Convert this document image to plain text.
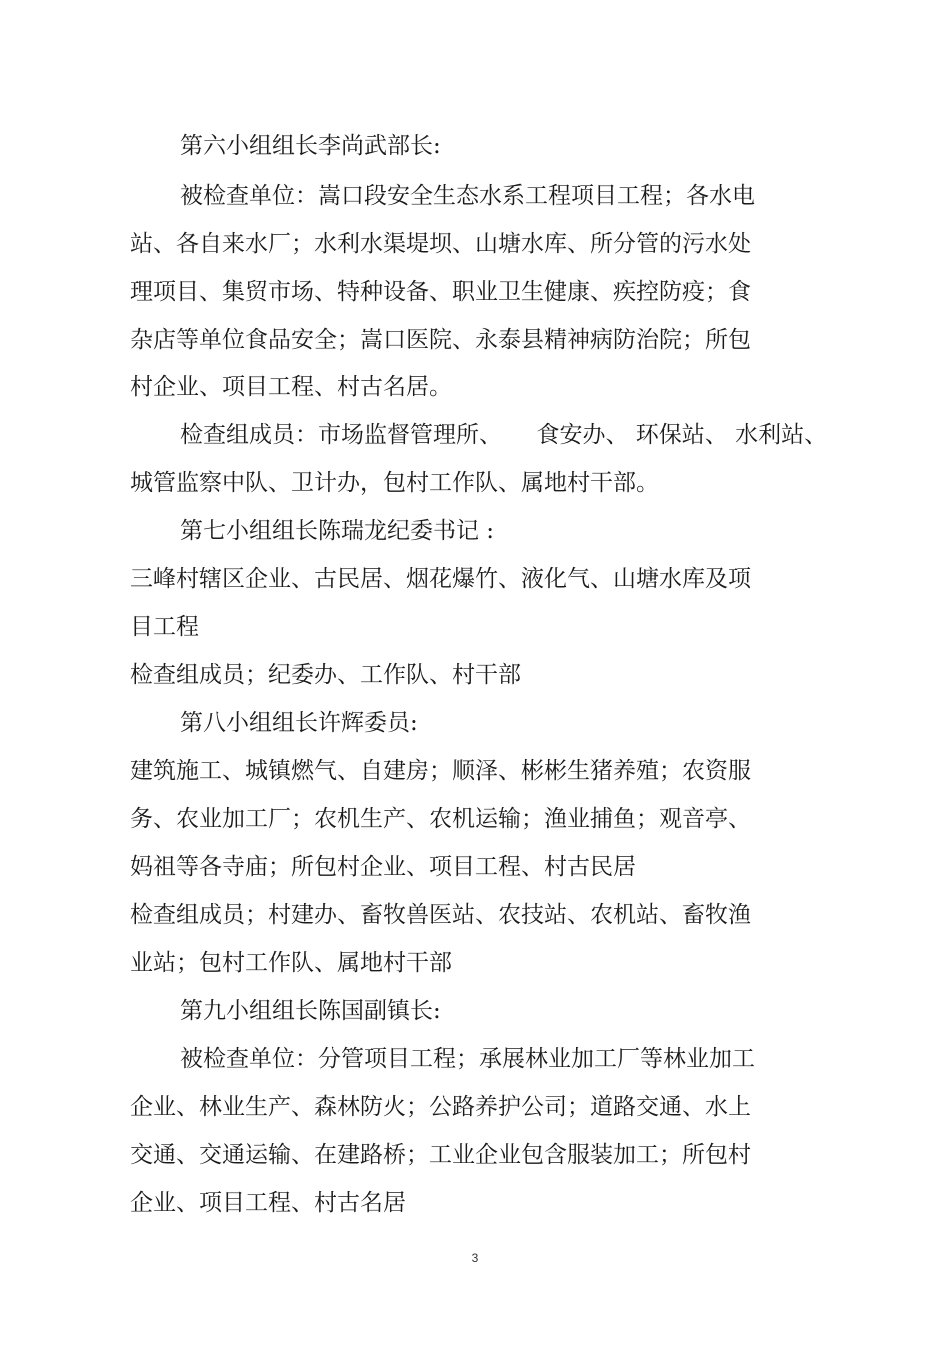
第六小组组长李尚武部长:
被检查单位：嵩口段安全生态水系工程项目工程；各水电
站、各自来水厂；水利水渠堤坝、山塘水库、所分管的污水处
理项目、集贸市场、特种设备、职业卫生健康、疾控防疫；食
杂店等单位食品安全；嵩口医院、永泰县精神病防治院；所包
村企业、项目工程、村古名居。
检查组成员：市场监督管理所、　　食安办、 环保站、 水利站、
城管监察中队、卫计办，包村工作队、属地村干部。
第七小组组长陈瑞龙纪委书记 :
三峰村辖区企业、古民居、烟花爆竹、液化气、山塘水库及项
目工程
检查组成员；纪委办、工作队、村干部
第八小组组长许辉委员:
建筑施工、城镇燃气、自建房；顺泽、彬彬生猪养殖；农资服
务、农业加工厂；农机生产、农机运输；渔业捕鱼；观音亭、
妈祖等各寺庙；所包村企业、项目工程、村古民居
检查组成员；村建办、畜牧兽医站、农技站、农机站、畜牧渔
业站；包村工作队、属地村干部
第九小组组长陈国副镇长:
被检查单位：分管项目工程；承展林业加工厂等林业加工
企业、林业生产、森林防火；公路养护公司；道路交通、水上
交通、交通运输、在建路桥；工业企业包含服装加工；所包村
企业、项目工程、村古名居
3
